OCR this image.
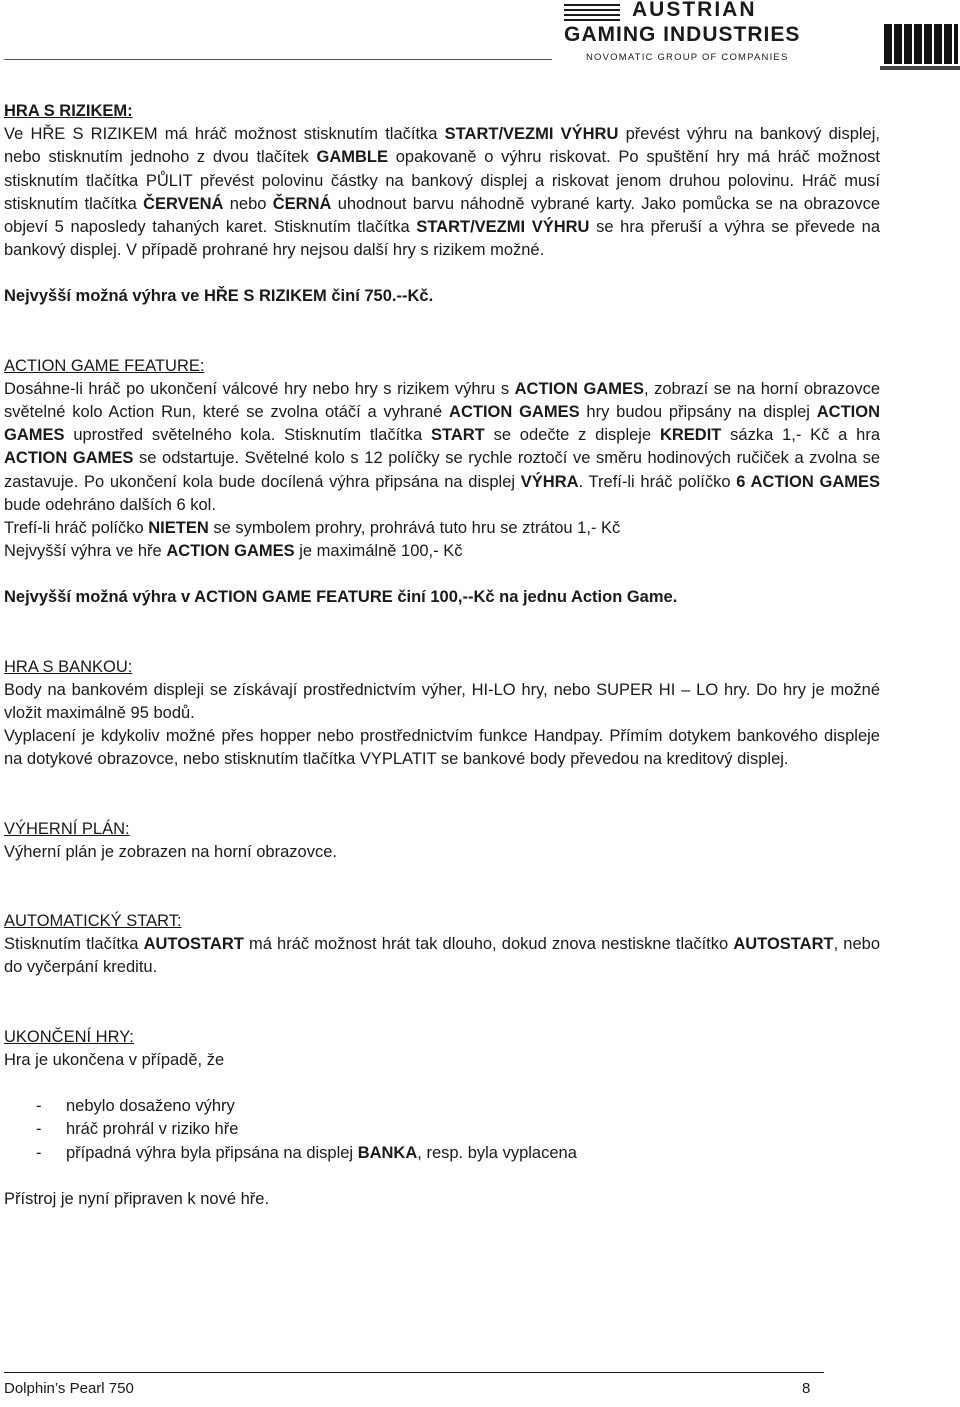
AUSTRIAN
GAMING INDUSTRIES
NOVOMATIC GROUP OF COMPANIES

HRA S RIZIKEM:

Ve HŘE S RIZIKEM má hráč možnost stisknutím tlačítka START/VEZMI VÝHRU převést výhru na bankový displej, nebo stisknutím jednoho z dvou tlačítek GAMBLE opakovaně o výhru riskovat. Po spuštění hry má hráč možnost stisknutím tlačítka PŮLIT převést polovinu částky na bankový displej a riskovat jenom druhou polovinu. Hráč musí stisknutím tlačítka ČERVENÁ nebo ČERNÁ uhodnout barvu náhodně vybrané karty. Jako pomůcka se na obrazovce objeví 5 naposledy tahaných karet. Stisknutím tlačítka START/VEZMI VÝHRU se hra přeruší a výhra se převede na bankový displej. V případě prohrané hry nejsou další hry s rizikem možné.

Nejvyšší možná výhra ve HŘE S RIZIKEM činí 750.--Kč.

ACTION GAME FEATURE:

Dosáhne-li hráč po ukončení válcové hry nebo hry s rizikem výhru s ACTION GAMES, zobrazí se na horní obrazovce světelné kolo Action Run, které se zvolna otáčí a vyhrané ACTION GAMES hry budou připsány na displej ACTION GAMES uprostřed světelného kola. Stisknutím tlačítka START se odečte z displeje KREDIT sázka 1,- Kč a hra ACTION GAMES se odstartuje. Světelné kolo s 12 políčky se rychle roztočí ve směru hodinových ručiček a zvolna se zastavuje. Po ukončení kola bude docílená výhra připsána na displej VÝHRA. Trefí-li hráč políčko 6 ACTION GAMES bude odehráno dalších 6 kol.

Trefí-li hráč políčko NIETEN se symbolem prohry, prohrává tuto hru se ztrátou 1,- Kč

Nejvyšší výhra ve hře ACTION GAMES je maximálně 100,- Kč

Nejvyšší možná výhra v ACTION GAME FEATURE činí 100,--Kč na jednu Action Game.

HRA S BANKOU:

Body na bankovém displeji se získávají prostřednictvím výher, HI-LO hry, nebo SUPER HI – LO hry. Do hry je možné vložit maximálně 95 bodů.

Vyplacení je kdykoliv možné přes hopper nebo prostřednictvím funkce Handpay. Přímím dotykem bankového displeje na dotykové obrazovce, nebo stisknutím tlačítka VYPLATIT se bankové body převedou na kreditový displej.

VÝHERNÍ PLÁN:

Výherní plán je zobrazen na horní obrazovce.

AUTOMATICKÝ START:

Stisknutím tlačítka AUTOSTART má hráč možnost hrát tak dlouho, dokud znova nestiskne tlačítko AUTOSTART, nebo do vyčerpání kreditu.

UKONČENÍ HRY:

Hra je ukončena v případě, že

- nebylo dosaženo výhry
- hráč prohrál v riziko hře
- případná výhra byla připsána na displej BANKA, resp. byla vyplacena

Přístroj je nyní připraven k nové hře.

Dolphin’s Pearl 750	8
